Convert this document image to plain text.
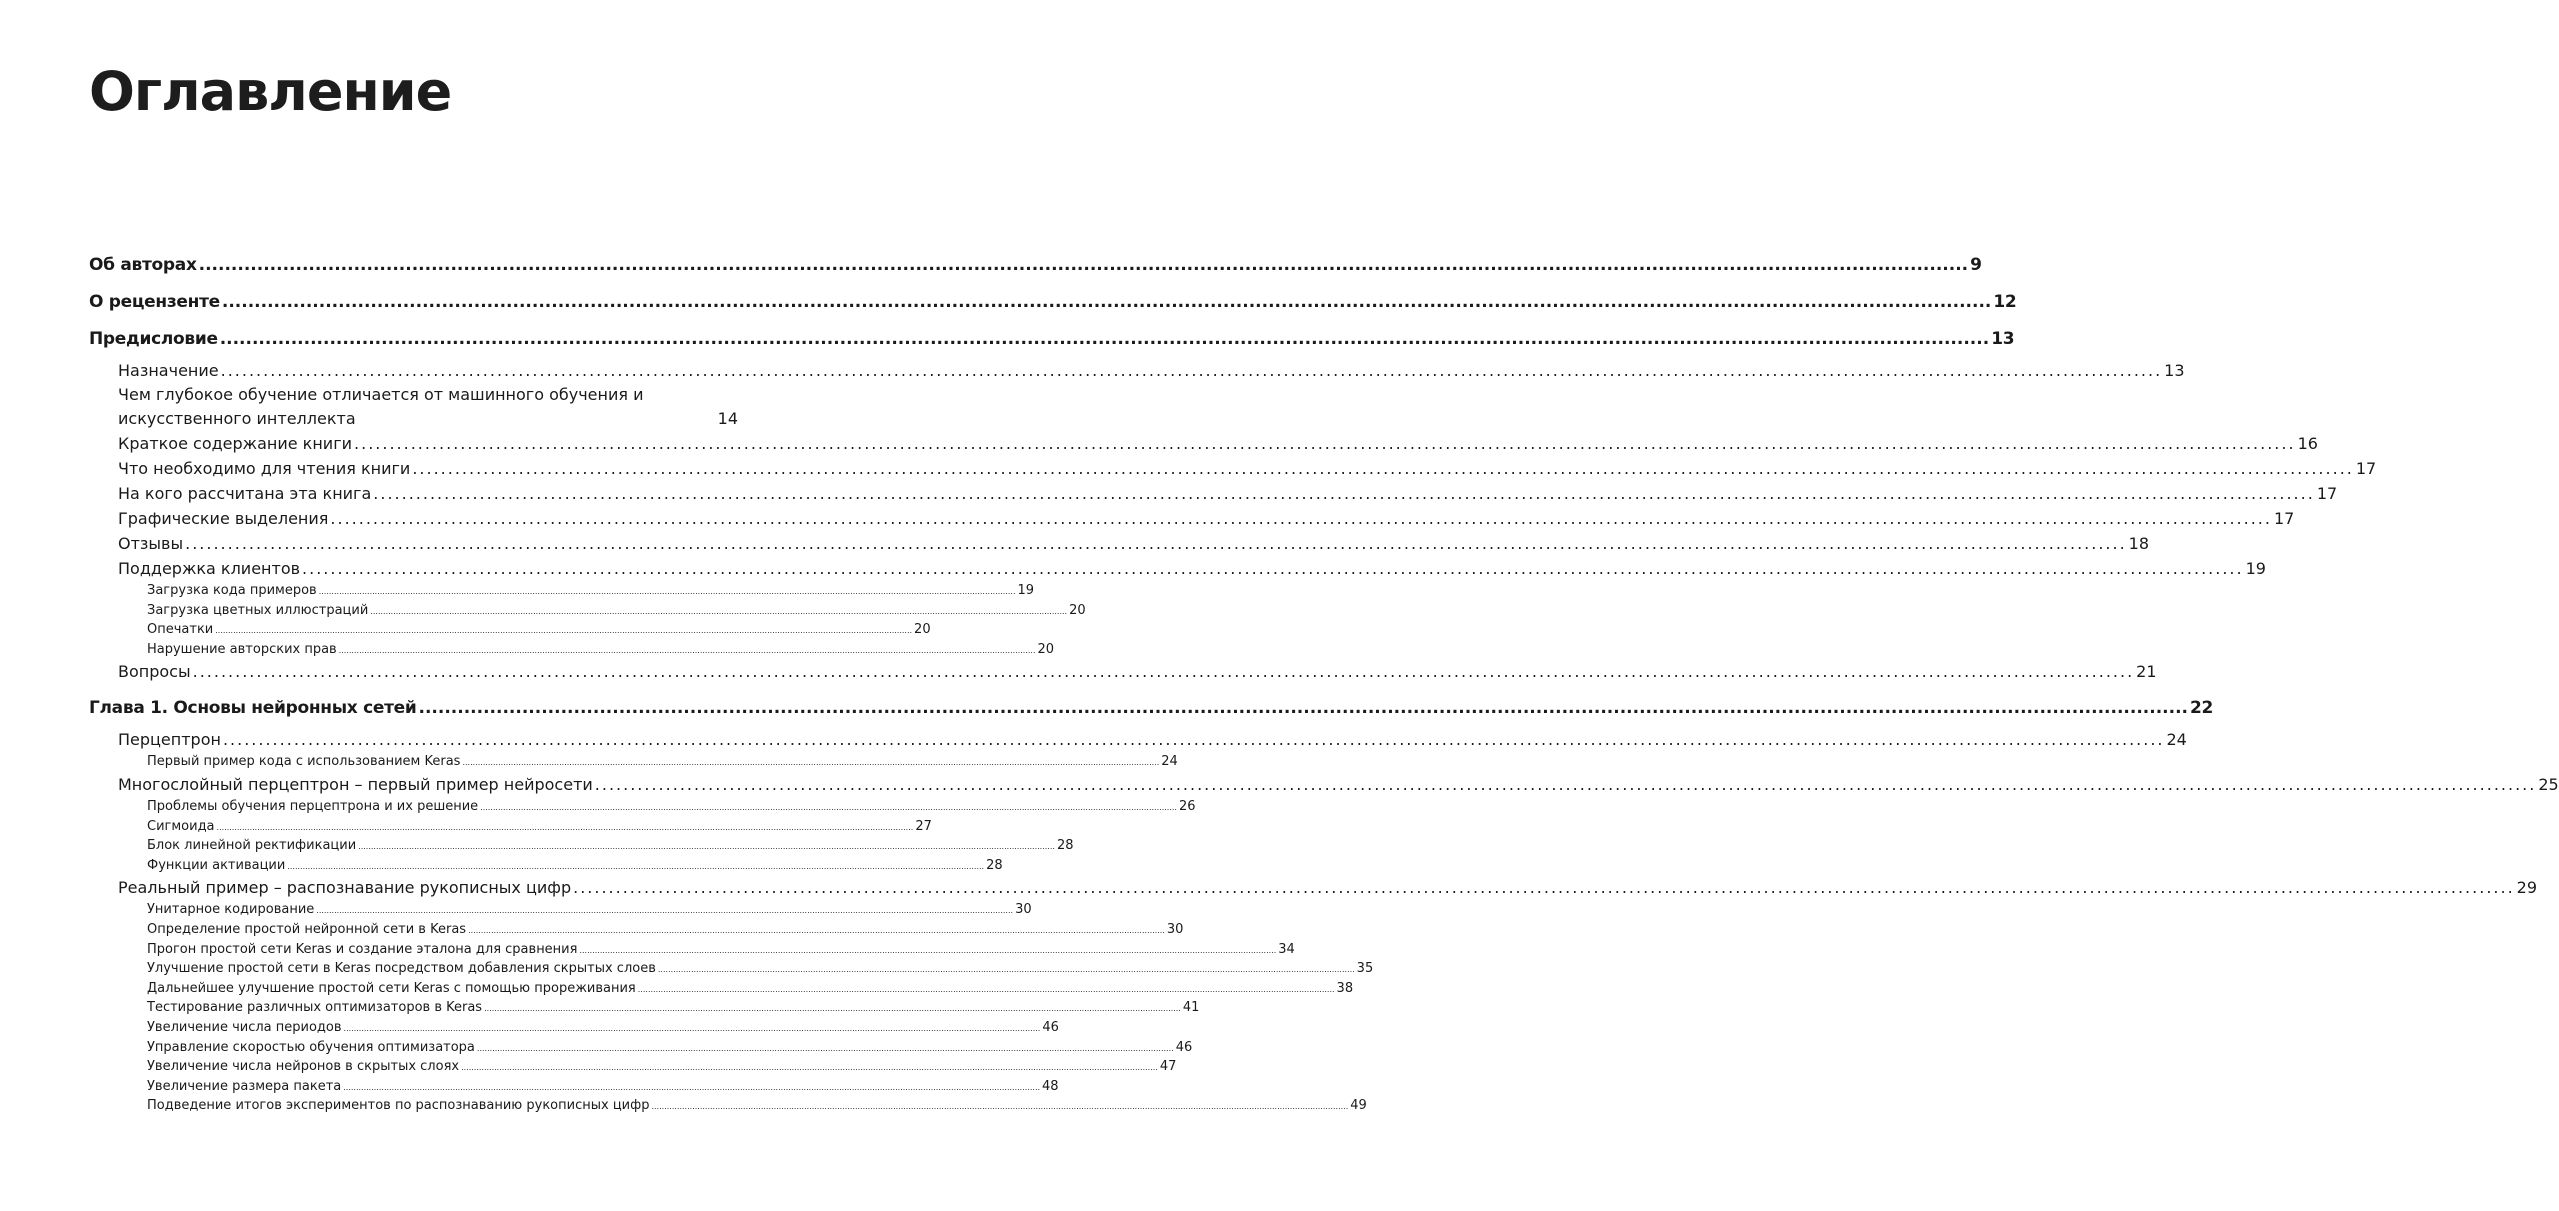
Оглавление
Об авторах .....	9
О рецензенте .....	12
Предисловие .....	13
Назначение .....	13
Чем глубокое обучение отличается от машинного обучения и искусственного интеллекта	14
Краткое содержание книги .....	16
Что необходимо для чтения книги .....	17
На кого рассчитана эта книга .....	17
Графические выделения .....	17
Отзывы .....	18
Поддержка клиентов .....	19
Загрузка кода примеров .....	19
Загрузка цветных иллюстраций .....	20
Опечатки .....	20
Нарушение авторских прав .....	20
Вопросы .....	21
Глава 1. Основы нейронных сетей .....	22
Перцептрон .....	24
Первый пример кода с использованием Keras .....	24
Многослойный перцептрон – первый пример нейросети .....	25
Проблемы обучения перцептрона и их решение .....	26
Сигмоида .....	27
Блок линейной ректификации .....	28
Функции активации .....	28
Реальный пример – распознавание рукописных цифр .....	29
Унитарное кодирование .....	30
Определение простой нейронной сети в Keras .....	30
Прогон простой сети Keras и создание эталона для сравнения .....	34
Улучшение простой сети в Keras посредством добавления скрытых слоев .....	35
Дальнейшее улучшение простой сети Keras с помощью прореживания .....	38
Тестирование различных оптимизаторов в Keras .....	41
Увеличение числа периодов .....	46
Управление скоростью обучения оптимизатора .....	46
Увеличение числа нейронов в скрытых слоях .....	47
Увеличение размера пакета .....	48
Подведение итогов экспериментов по распознаванию рукописных цифр .....	49
